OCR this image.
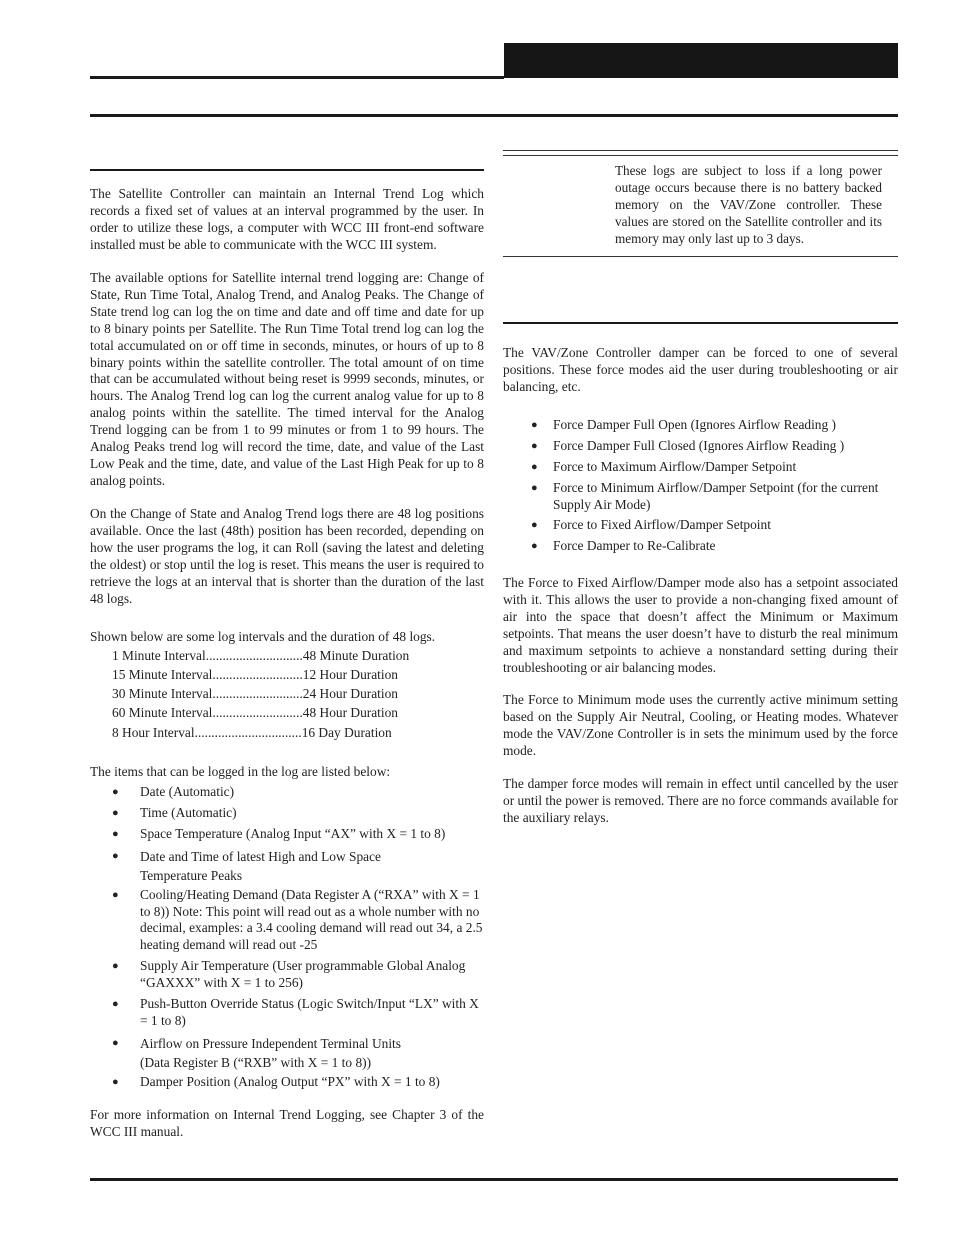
The Satellite Controller can maintain an Internal Trend Log which records a fixed set of values at an interval programmed by the user. In order to utilize these logs, a computer with WCC III front-end software installed must be able to communicate with the WCC III system.

The available options for Satellite internal trend logging are: Change of State, Run Time Total, Analog Trend, and Analog Peaks. The Change of State trend log can log the on time and date and off time and date for up to 8 binary points per Satellite. The Run Time Total trend log can log the total accumulated on or off time in seconds, minutes, or hours of up to 8 binary points within the satellite controller. The total amount of on time that can be accumulated without being reset is 9999 seconds, minutes, or hours. The Analog Trend log can log the current analog value for up to 8 analog points within the satellite. The timed interval for the Analog Trend logging can be from 1 to 99 minutes or from 1 to 99 hours. The Analog Peaks trend log will record the time, date, and value of the Last Low Peak and the time, date, and value of the Last High Peak for up to 8 analog points.

On the Change of State and Analog Trend logs there are 48 log positions available. Once the last (48th) position has been recorded, depending on how the user programs the log, it can Roll (saving the latest and deleting the oldest) or stop until the log is reset. This means the user is required to retrieve the logs at an interval that is shorter than the duration of the last 48 logs.

Shown below are some log intervals and the duration of 48 logs.
1 Minute Interval.............................48 Minute Duration
15 Minute Interval...........................12 Hour Duration
30 Minute Interval...........................24 Hour Duration
60 Minute Interval...........................48 Hour Duration
8 Hour Interval................................16 Day Duration
The items that can be logged in the log are listed below:
● Date (Automatic)
● Time (Automatic)
● Space Temperature (Analog Input “AX” with X = 1 to 8)
● Date and Time of latest High and Low Space Temperature Peaks
● Cooling/Heating Demand (Data Register A (“RXA” with X = 1 to 8)) Note: This point will read out as a whole number with no decimal, examples: a 3.4 cooling demand will read out 34, a 2.5 heating demand will read out -25
● Supply Air Temperature (User programmable Global Analog “GAXXX” with X = 1 to 256)
● Push-Button Override Status (Logic Switch/Input “LX” with X = 1 to 8)
● Airflow on Pressure Independent Terminal Units (Data Register B (“RXB” with X = 1 to 8))
● Damper Position (Analog Output “PX” with X = 1 to 8)

For more information on Internal Trend Logging, see Chapter 3 of the WCC III manual.

These logs are subject to loss if a long power outage occurs because there is no battery backed memory on the VAV/Zone controller. These values are stored on the Satellite controller and its memory may only last up to 3 days.

The VAV/Zone Controller damper can be forced to one of several positions. These force modes aid the user during troubleshooting or air balancing, etc.

● Force Damper Full Open (Ignores Airflow Reading )
● Force Damper Full Closed (Ignores Airflow Reading )
● Force to Maximum Airflow/Damper Setpoint
● Force to Minimum Airflow/Damper Setpoint (for the current Supply Air Mode)
● Force to Fixed Airflow/Damper Setpoint
● Force Damper to Re-Calibrate

The Force to Fixed Airflow/Damper mode also has a setpoint associated with it. This allows the user to provide a non-changing fixed amount of air into the space that doesn’t affect the Minimum or Maximum setpoints. That means the user doesn’t have to disturb the real minimum and maximum setpoints to achieve a nonstandard setting during their troubleshooting or air balancing modes.

The Force to Minimum mode uses the currently active minimum setting based on the Supply Air Neutral, Cooling, or Heating modes. Whatever mode the VAV/Zone Controller is in sets the minimum used by the force mode.

The damper force modes will remain in effect until cancelled by the user or until the power is removed. There are no force commands available for the auxiliary relays.
